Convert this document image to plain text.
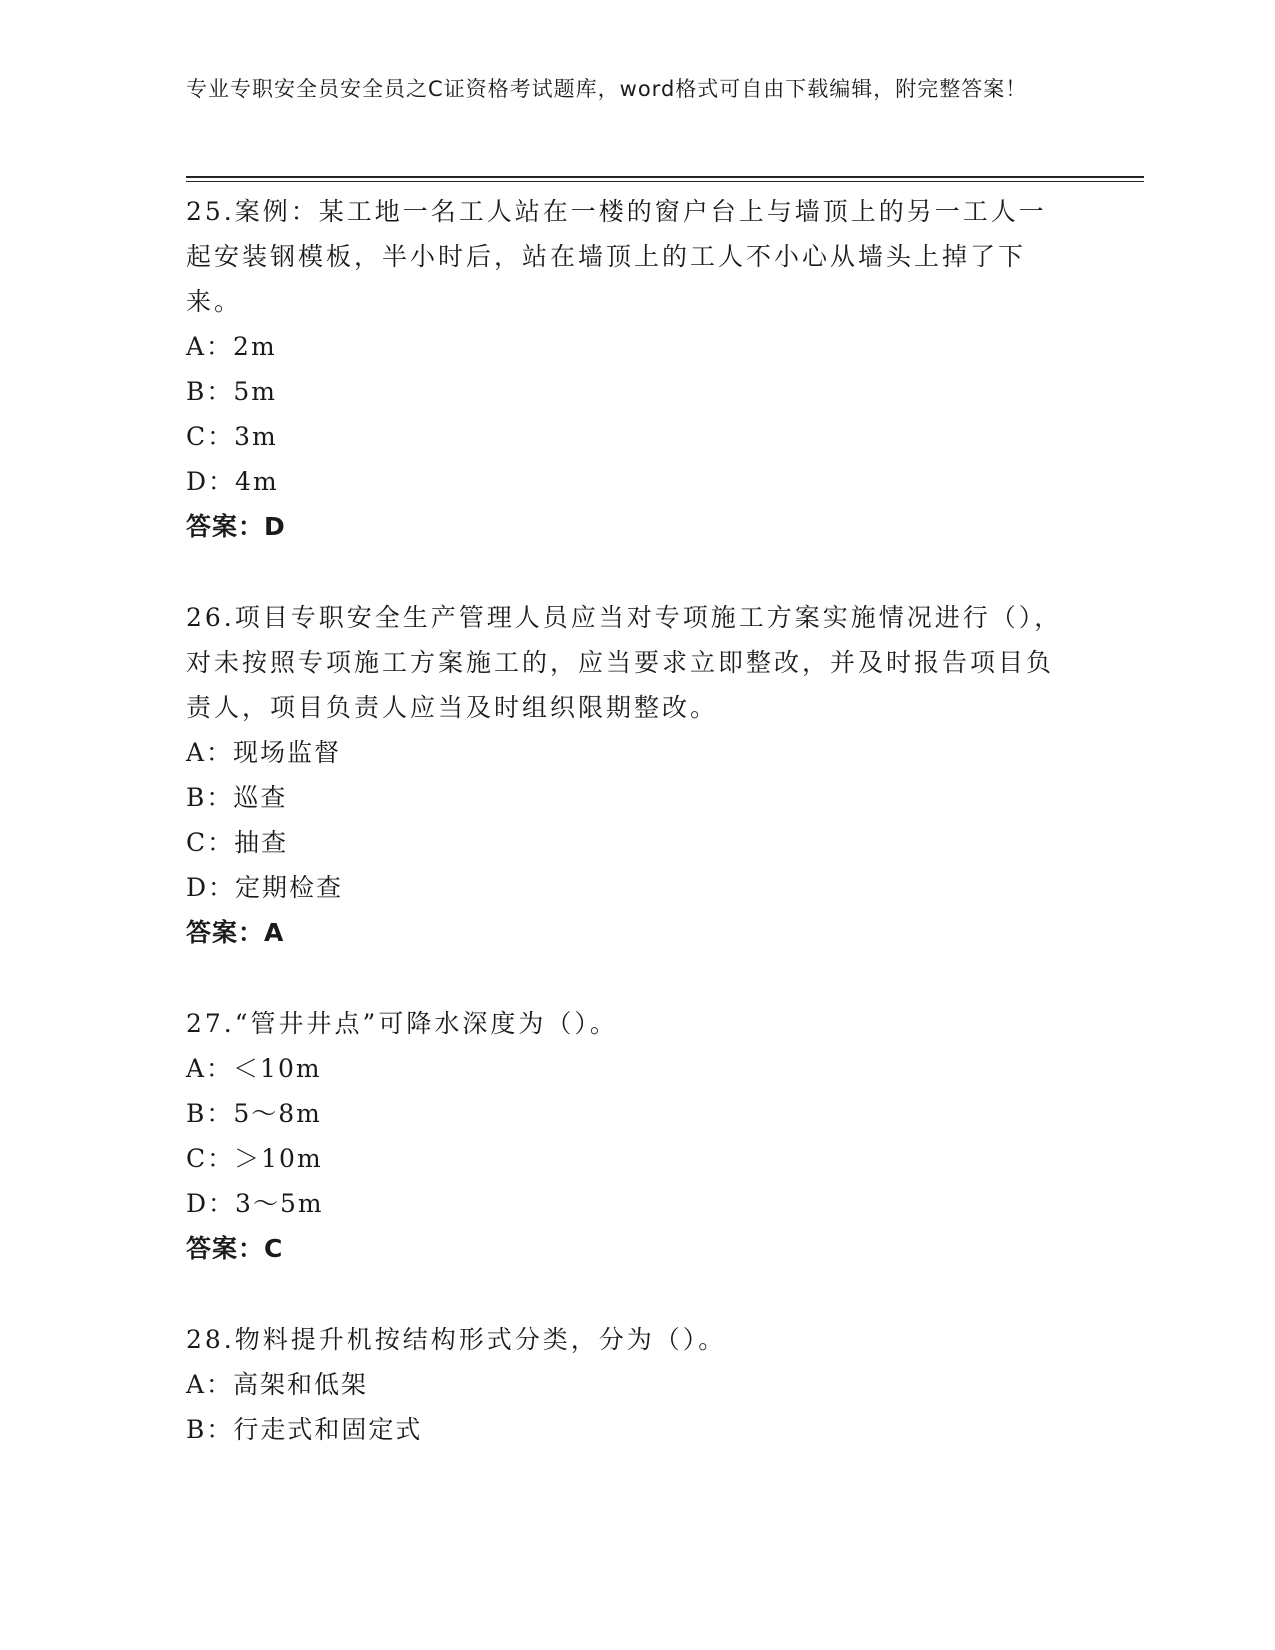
专业专职安全员安全员之C证资格考试题库，word格式可自由下载编辑，附完整答案！
25.案例：某工地一名工人站在一楼的窗户台上与墙顶上的另一工人一起安装钢模板，半小时后，站在墙顶上的工人不小心从墙头上掉了下来。
A：2m
B：5m
C：3m
D：4m
答案：D
26.项目专职安全生产管理人员应当对专项施工方案实施情况进行（），对未按照专项施工方案施工的，应当要求立即整改，并及时报告项目负责人，项目负责人应当及时组织限期整改。
A：现场监督
B：巡查
C：抽查
D：定期检查
答案：A
27.“管井井点”可降水深度为（）。
A：＜10m
B：5～8m
C：＞10m
D：3～5m
答案：C
28.物料提升机按结构形式分类，分为（）。
A：高架和低架
B：行走式和固定式
